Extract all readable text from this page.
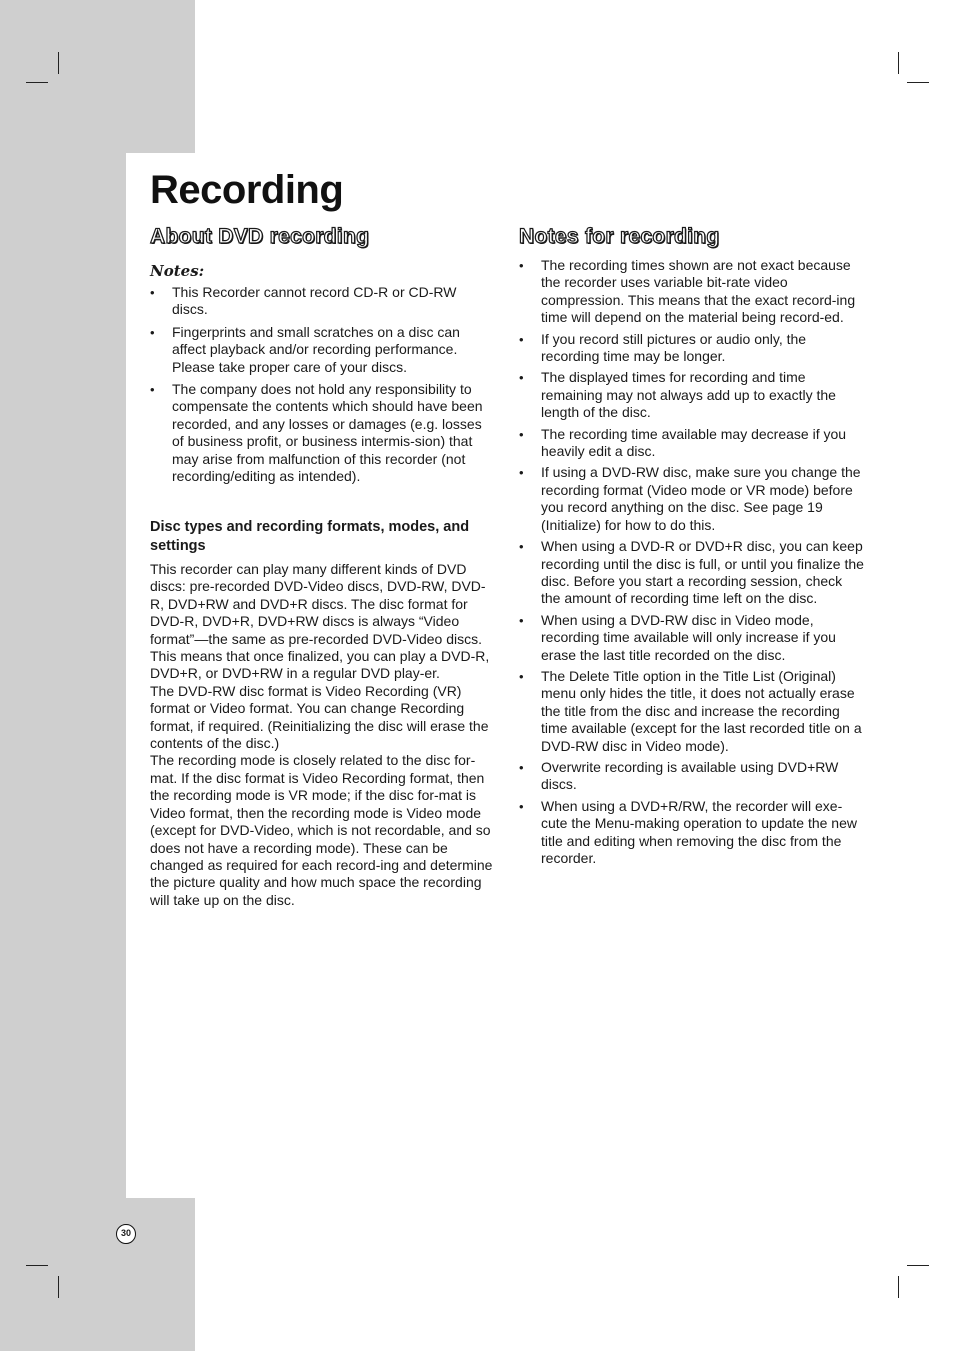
Recording
About DVD recording
Notes:
• This Recorder cannot record CD-R or CD-RW discs.
• Fingerprints and small scratches on a disc can affect playback and/or recording performance. Please take proper care of your discs.
• The company does not hold any responsibility to compensate the contents which should have been recorded, and any losses or damages (e.g. losses of business profit, or business intermis-sion) that may arise from malfunction of this recorder (not recording/editing as intended).
Disc types and recording formats, modes, and settings

This recorder can play many different kinds of DVD discs: pre-recorded DVD-Video discs, DVD-RW, DVD-R, DVD+RW and DVD+R discs. The disc format for DVD-R, DVD+R, DVD+RW discs is always “Video format”—the same as pre-recorded DVD-Video discs. This means that once finalized, you can play a DVD-R, DVD+R, or DVD+RW in a regular DVD play-er.

The DVD-RW disc format is Video Recording (VR) format or Video format. You can change Recording format, if required. (Reinitializing the disc will erase the contents of the disc.)

The recording mode is closely related to the disc for-mat. If the disc format is Video Recording format, then the recording mode is VR mode; if the disc for-mat is Video format, then the recording mode is Video mode (except for DVD-Video, which is not recordable, and so does not have a recording mode). These can be changed as required for each record-ing and determine the picture quality and how much space the recording will take up on the disc.

Notes for recording
• The recording times shown are not exact because the recorder uses variable bit-rate video compression. This means that the exact record-ing time will depend on the material being record-ed.
• If you record still pictures or audio only, the recording time may be longer.
• The displayed times for recording and time remaining may not always add up to exactly the length of the disc.
• The recording time available may decrease if you heavily edit a disc.
• If using a DVD-RW disc, make sure you change the recording format (Video mode or VR mode) before you record anything on the disc. See page 19 (Initialize) for how to do this.
• When using a DVD-R or DVD+R disc, you can keep recording until the disc is full, or until you finalize the disc. Before you start a recording session, check the amount of recording time left on the disc.
• When using a DVD-RW disc in Video mode, recording time available will only increase if you erase the last title recorded on the disc.
• The Delete Title option in the Title List (Original) menu only hides the title, it does not actually erase the title from the disc and increase the recording time available (except for the last recorded title on a DVD-RW disc in Video mode).
• Overwrite recording is available using DVD+RW discs.
• When using a DVD+R/RW, the recorder will exe-cute the Menu-making operation to update the new title and editing when removing the disc from the recorder.
30
